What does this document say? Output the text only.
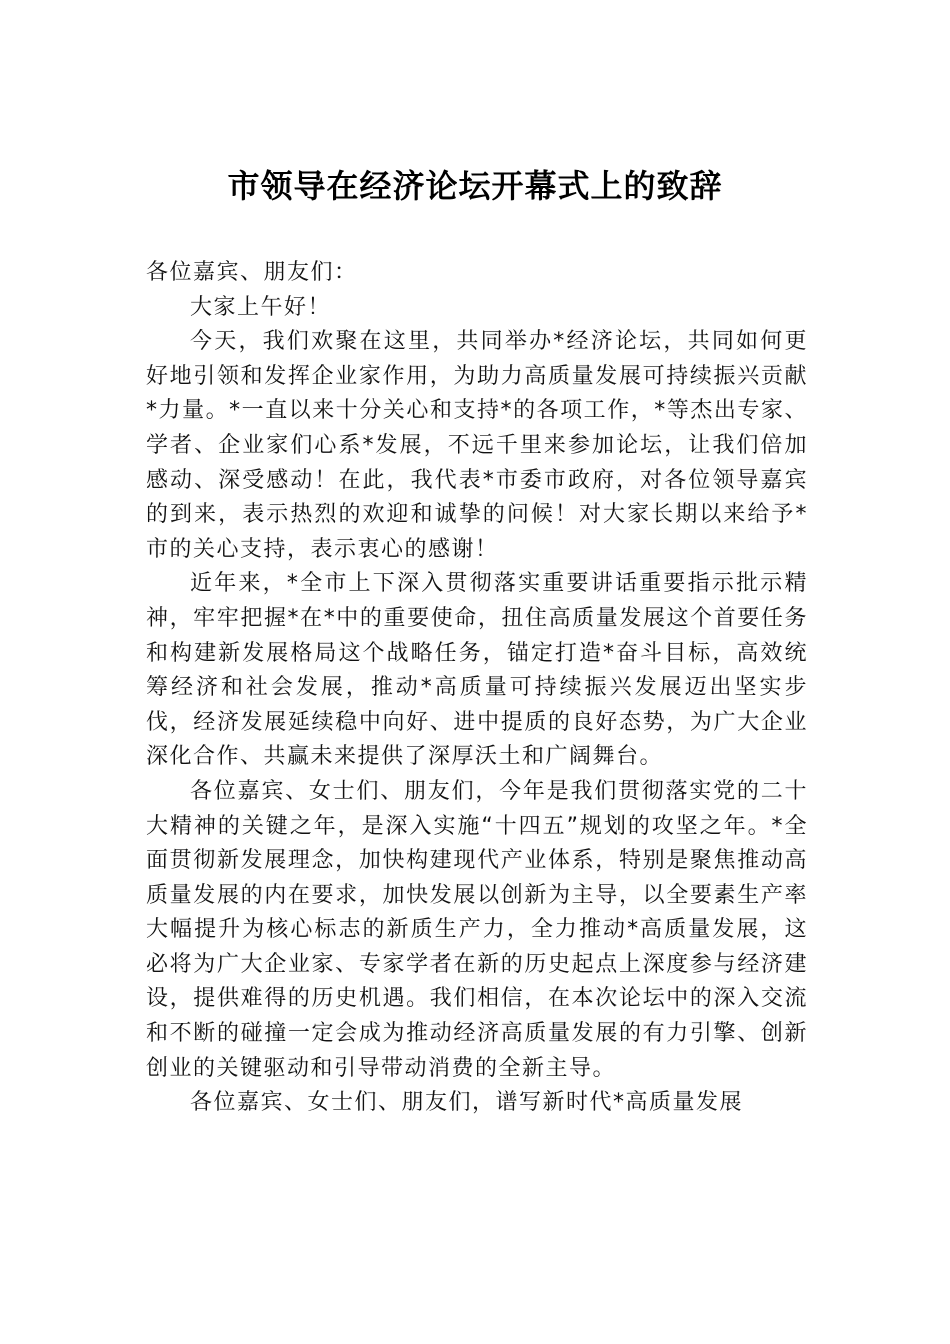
市领导在经济论坛开幕式上的致辞

各位嘉宾、朋友们：

大家上午好！

今天，我们欢聚在这里，共同举办*经济论坛，共同如何更好地引领和发挥企业家作用，为助力高质量发展可持续振兴贡献*力量。*一直以来十分关心和支持*的各项工作，*等杰出专家、学者、企业家们心系*发展，不远千里来参加论坛，让我们倍加感动、深受感动！在此，我代表*市委市政府，对各位领导嘉宾的到来，表示热烈的欢迎和诚挚的问候！对大家长期以来给予*市的关心支持，表示衷心的感谢！

近年来，*全市上下深入贯彻落实重要讲话重要指示批示精神，牢牢把握*在*中的重要使命，扭住高质量发展这个首要任务和构建新发展格局这个战略任务，锚定打造*奋斗目标，高效统筹经济和社会发展，推动*高质量可持续振兴发展迈出坚实步伐，经济发展延续稳中向好、进中提质的良好态势，为广大企业深化合作、共赢未来提供了深厚沃土和广阔舞台。

各位嘉宾、女士们、朋友们，今年是我们贯彻落实党的二十大精神的关键之年，是深入实施“十四五”规划的攻坚之年。*全面贯彻新发展理念，加快构建现代产业体系，特别是聚焦推动高质量发展的内在要求，加快发展以创新为主导，以全要素生产率大幅提升为核心标志的新质生产力，全力推动*高质量发展，这必将为广大企业家、专家学者在新的历史起点上深度参与经济建设，提供难得的历史机遇。我们相信，在本次论坛中的深入交流和不断的碰撞一定会成为推动经济高质量发展的有力引擎、创新创业的关键驱动和引导带动消费的全新主导。

各位嘉宾、女士们、朋友们，谱写新时代*高质量发展
